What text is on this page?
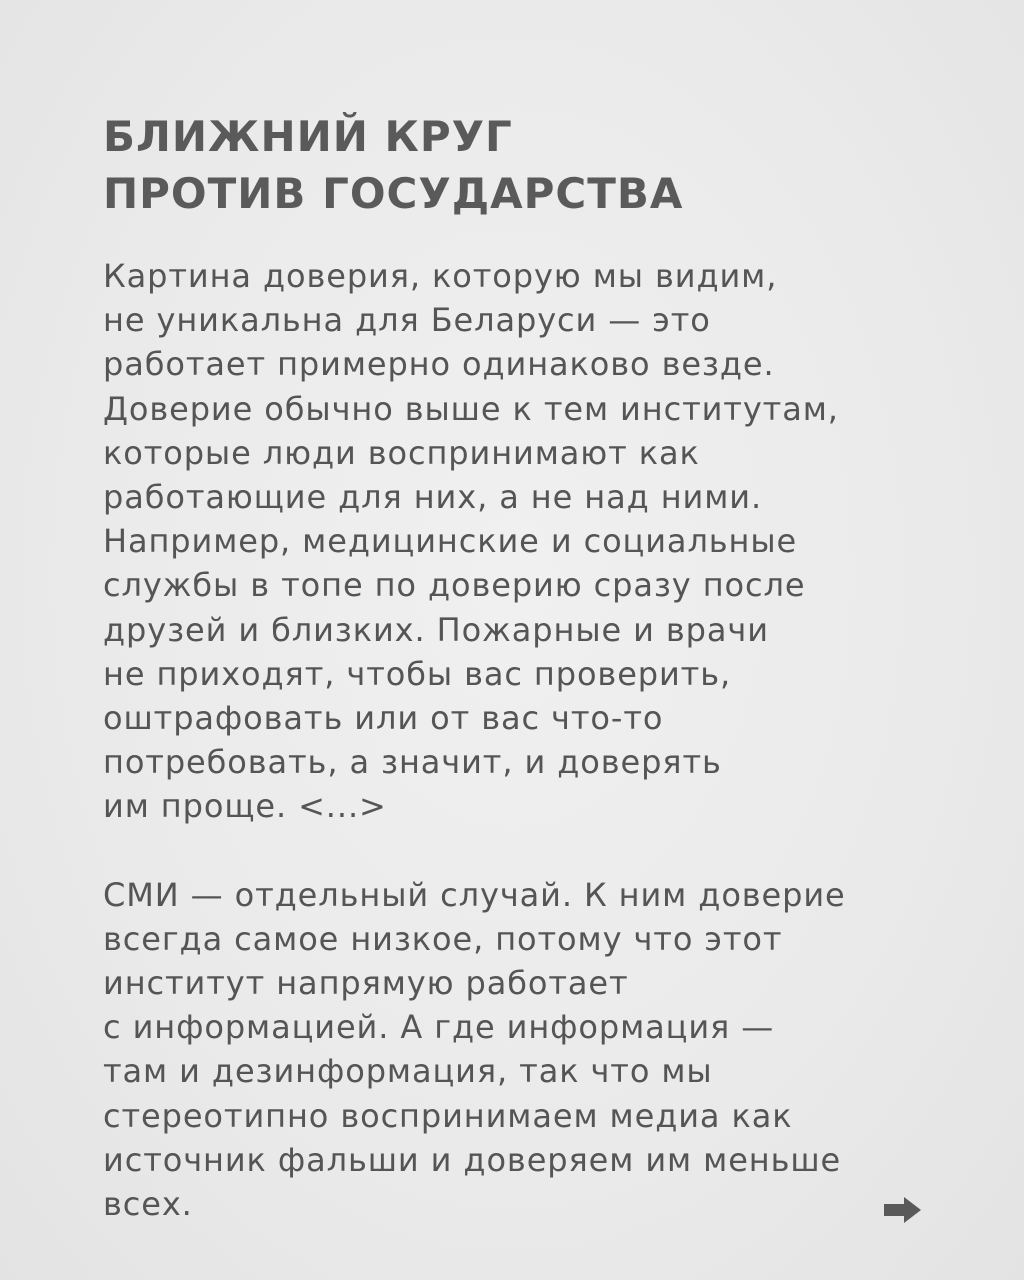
БЛИЖНИЙ КРУГ
ПРОТИВ ГОСУДАРСТВА

Картина доверия, которую мы видим,
не уникальна для Беларуси — это
работает примерно одинаково везде.
Доверие обычно выше к тем институтам,
которые люди воспринимают как
работающие для них, а не над ними.
Например, медицинские и социальные
службы в топе по доверию сразу после
друзей и близких. Пожарные и врачи
не приходят, чтобы вас проверить,
оштрафовать или от вас что-то
потребовать, а значит, и доверять
им проще. <...>

СМИ — отдельный случай. К ним доверие
всегда самое низкое, потому что этот
институт напрямую работает
с информацией. А где информация —
там и дезинформация, так что мы
стереотипно воспринимаем медиа как
источник фальши и доверяем им меньше
всех.
